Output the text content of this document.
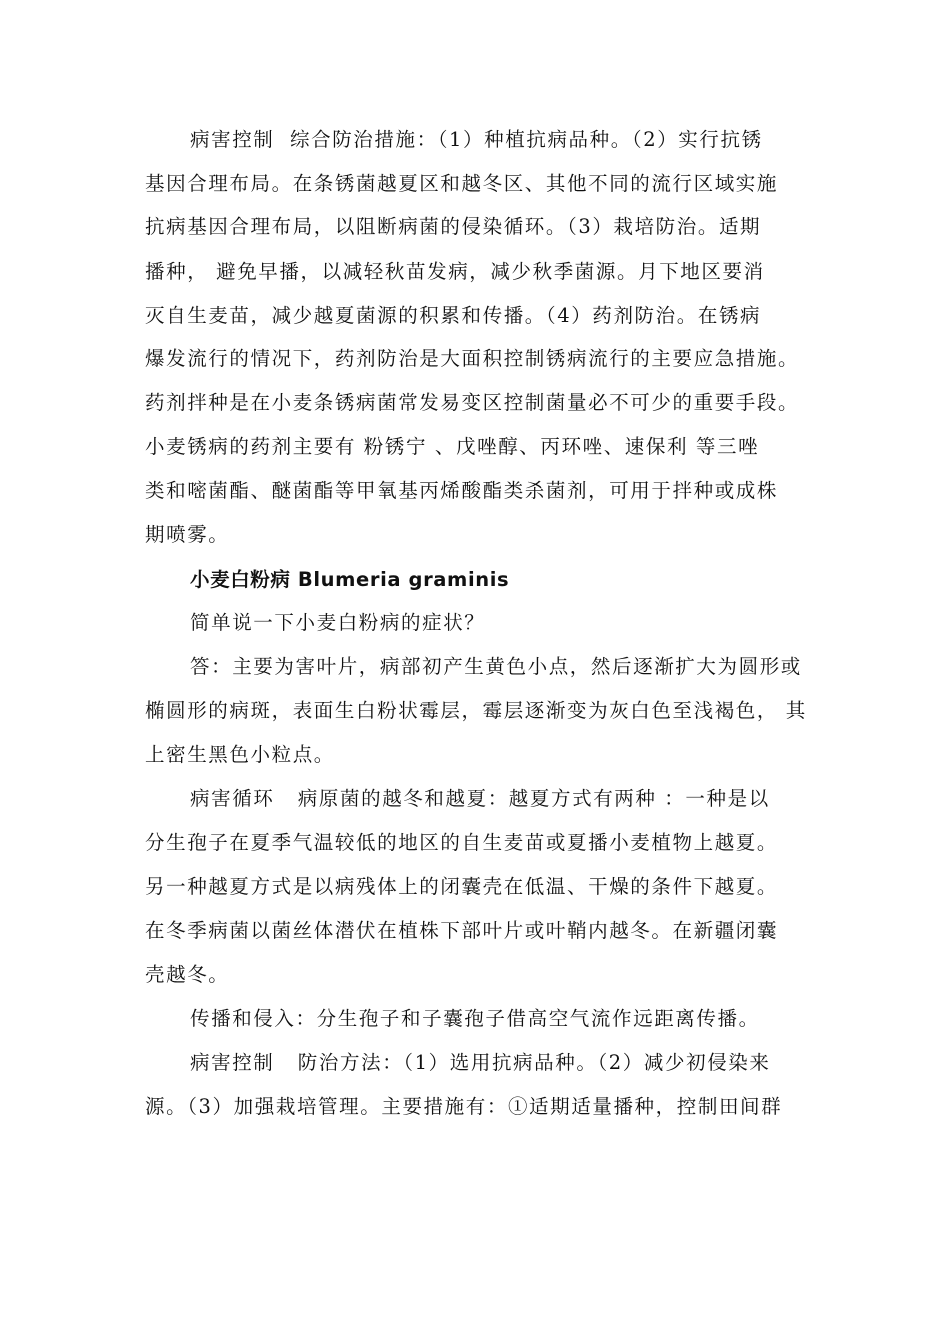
病害控制  综合防治措施：（1）种植抗病品种。（2）实行抗锈
基因合理布局。在条锈菌越夏区和越冬区、其他不同的流行区域实施
抗病基因合理布局，以阻断病菌的侵染循环。（3）栽培防治。适期
播种， 避免早播，以减轻秋苗发病，减少秋季菌源。月下地区要消
灭自生麦苗，减少越夏菌源的积累和传播。（4）药剂防治。在锈病
爆发流行的情况下，药剂防治是大面积控制锈病流行的主要应急措施。
药剂拌种是在小麦条锈病菌常发易变区控制菌量必不可少的重要手段。
小麦锈病的药剂主要有 粉锈宁 、戊唑醇、丙环唑、速保利 等三唑
类和嘧菌酯、醚菌酯等甲氧基丙烯酸酯类杀菌剂，可用于拌种或成株
期喷雾。
小麦白粉病 Blumeria graminis
简单说一下小麦白粉病的症状？
答：主要为害叶片，病部初产生黄色小点，然后逐渐扩大为圆形或
椭圆形的病斑，表面生白粉状霉层，霉层逐渐变为灰白色至浅褐色， 其
上密生黑色小粒点。
病害循环   病原菌的越冬和越夏：越夏方式有两种 ：一种是以
分生孢子在夏季气温较低的地区的自生麦苗或夏播小麦植物上越夏。
另一种越夏方式是以病残体上的闭囊壳在低温、干燥的条件下越夏。
在冬季病菌以菌丝体潜伏在植株下部叶片或叶鞘内越冬。在新疆闭囊
壳越冬。
传播和侵入：分生孢子和子囊孢子借高空气流作远距离传播。
病害控制   防治方法：（1）选用抗病品种。（2）减少初侵染来
源。（3）加强栽培管理。主要措施有：①适期适量播种，控制田间群
